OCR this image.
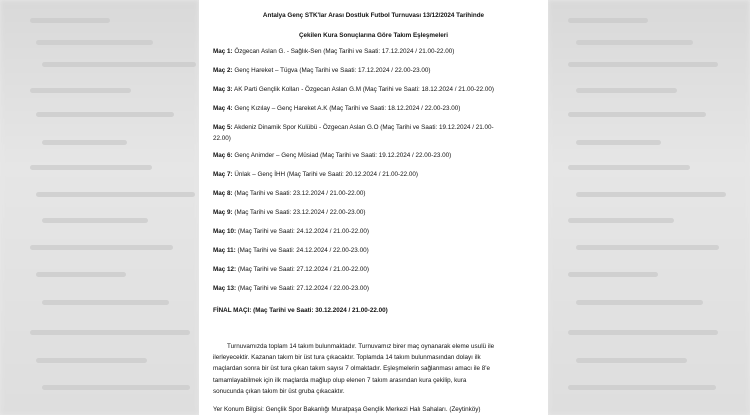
Antalya Genç STK'lar Arası Dostluk Futbol Turnuvası 13/12/2024 Tarihinde
Çekilen Kura Sonuçlarına Göre Takım Eşleşmeleri
Maç 1: Özgecan Aslan G. - Sağlık-Sen (Maç Tarihi ve Saati: 17.12.2024 / 21.00-22.00)
Maç 2: Genç Hareket – Tügva (Maç Tarihi ve Saati: 17.12.2024 / 22.00-23.00)
Maç 3: AK Parti Gençlik Kolları - Özgecan Aslan G.M (Maç Tarihi ve Saati: 18.12.2024 / 21.00-22.00)
Maç 4: Genç Kızılay – Genç Hareket A.K (Maç Tarihi ve Saati: 18.12.2024 / 22.00-23.00)
Maç 5: Akdeniz Dinamik Spor Kulübü - Özgecan Aslan G.O (Maç Tarihi ve Saati: 19.12.2024 / 21.00-
22.00)
Maç 6: Genç Animder – Genç Müsiad (Maç Tarihi ve Saati: 19.12.2024 / 22.00-23.00)
Maç 7: Ünlak – Genç İHH (Maç Tarihi ve Saati: 20.12.2024 / 21.00-22.00)
Maç 8: (Maç Tarihi ve Saati: 23.12.2024 / 21.00-22.00)
Maç 9: (Maç Tarihi ve Saati: 23.12.2024 / 22.00-23.00)
Maç 10: (Maç Tarihi ve Saati: 24.12.2024 / 21.00-22.00)
Maç 11: (Maç Tarihi ve Saati: 24.12.2024 / 22.00-23.00)
Maç 12: (Maç Tarihi ve Saati: 27.12.2024 / 21.00-22.00)
Maç 13: (Maç Tarihi ve Saati: 27.12.2024 / 22.00-23.00)
FİNAL MAÇI: (Maç Tarihi ve Saati: 30.12.2024 / 21.00-22.00)
Turnuvamızda toplam 14 takım bulunmaktadır. Turnuvamız birer maç oynanarak eleme usulü ile
ilerleyecektir. Kazanan takım bir üst tura çıkacaktır. Toplamda 14 takım bulunmasından dolayı ilk
maçlardan sonra bir üst tura çıkan takım sayısı 7 olmaktadır. Eşleşmelerin sağlanması amacı ile 8'e
tamamlayabilmek için ilk maçlarda mağlup olup elenen 7 takım arasından kura çekilip, kura
sonucunda çıkan takım bir üst gruba çıkacaktır.
Yer Konum Bilgisi: Gençlik Spor Bakanlığı Muratpaşa Gençlik Merkezi Halı Sahaları. (Zeytinköy)
